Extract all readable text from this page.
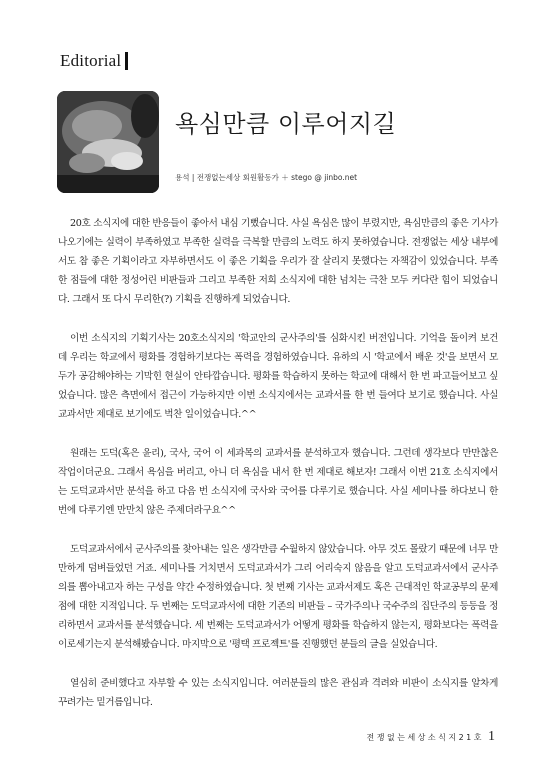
Editorial
욕심만큼 이루어지길
용석 | 전쟁없는세상 회원활동가 ＋ stego @ jinbo.net

20호 소식지에 대한 반응들이 좋아서 내심 기뻤습니다. 사실 욕심은 많이 부렸지만, 욕심만큼의 좋은 기사가 나오기에는 실력이 부족하였고 부족한 실력을 극복할 만큼의 노력도 하지 못하였습니다. 전쟁없는 세상 내부에서도 참 좋은 기획이라고 자부하면서도 이 좋은 기획을 우리가 잘 살리지 못했다는 자책감이 있었습니다. 부족한 점들에 대한 정성어린 비판들과 그리고 부족한 저희 소식지에 대한 넘치는 극찬 모두 커다란 힘이 되었습니다. 그래서 또 다시 무리한(?) 기획을 진행하게 되었습니다.

이번 소식지의 기획기사는 20호소식지의 '학교안의 군사주의'를 심화시킨 버전입니다. 기억을 돌이켜 보건데 우리는 학교에서 평화를 경험하기보다는 폭력을 경험하였습니다. 유하의 시 '학교에서 배운 것'을 보면서 모두가 공감해야하는 기막힌 현실이 안타깝습니다. 평화를 학습하지 못하는 학교에 대해서 한 번 파고들어보고 싶었습니다. 많은 측면에서 접근이 가능하지만 이번 소식지에서는 교과서를 한 번 들여다 보기로 했습니다. 사실 교과서만 제대로 보기에도 벅찬 일이었습니다.^^

원래는 도덕(혹은 윤리), 국사, 국어 이 세과목의 교과서를 분석하고자 했습니다. 그런데 생각보다 만만찮은 작업이더군요. 그래서 욕심을 버리고, 아니 더 욕심을 내서 한 번 제대로 해보자! 그래서 이번 21호 소식지에서는 도덕교과서만 분석을 하고 다음 번 소식지에 국사와 국어를 다루기로 했습니다. 사실 세미나를 하다보니 한번에 다루기엔 만만치 않은 주제더라구요^^

도덕교과서에서 군사주의를 찾아내는 일은 생각만큼 수월하지 않았습니다. 아무 것도 몰랐기 때문에 너무 만만하게 덤벼들었던 거죠. 세미나를 거치면서 도덕교과서가 그리 어리숙지 않음을 알고 도덕교과서에서 군사주의를 뽑아내고자 하는 구성을 약간 수정하였습니다. 첫 번째 기사는 교과서제도 혹은 근대적인 학교공부의 문제점에 대한 지적입니다. 두 번째는 도덕교과서에 대한 기존의 비판들 – 국가주의나 국수주의 집단주의 등등을 정리하면서 교과서를 분석했습니다. 세 번째는 도덕교과서가 어떻게 평화를 학습하지 않는지, 평화보다는 폭력을 이로세기는지 분석해봤습니다. 마지막으로 '평택 프로젝트'를 진행했던 분들의 글을 실었습니다.

열심히 준비했다고 자부할 수 있는 소식지입니다. 여러분들의 많은 관심과 격려와 비판이 소식지를 알차게 꾸려가는 밑거름입니다.

전쟁없는세상소식지21호 1
